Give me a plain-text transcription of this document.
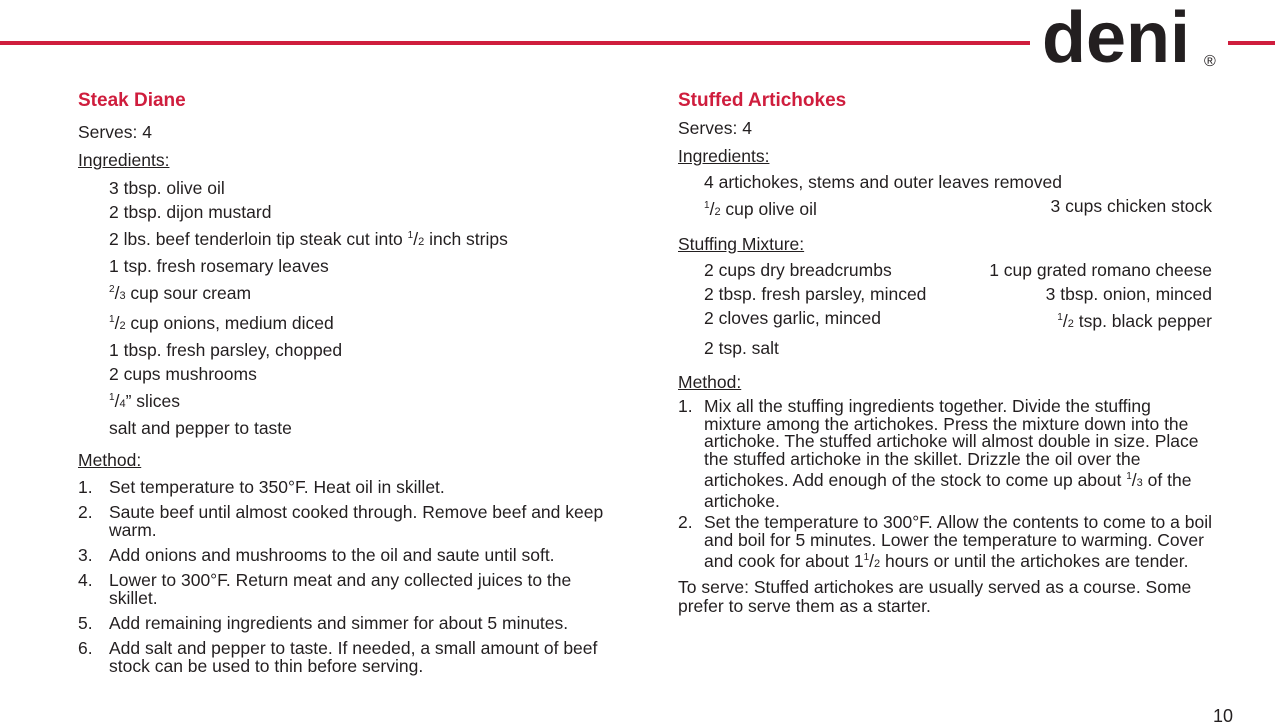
deni ®
Steak Diane
Serves: 4
Ingredients:
3 tbsp. olive oil
2 tbsp. dijon mustard
2 lbs. beef tenderloin tip steak cut into $^1$/2 inch strips
1 tsp. fresh rosemary leaves
$^2$/3 cup sour cream
$^1$/2 cup onions, medium diced
1 tbsp. fresh parsley, chopped
2 cups mushrooms
$^1$/4” slices
salt and pepper to taste
Method:
1. Set temperature to 350°F. Heat oil in skillet.
2. Saute beef until almost cooked through. Remove beef and keep warm.
3. Add onions and mushrooms to the oil and saute until soft.
4. Lower to 300°F. Return meat and any collected juices to the skillet.
5. Add remaining ingredients and simmer for about 5 minutes.
6. Add salt and pepper to taste. If needed, a small amount of beef stock can be used to thin before serving.
Stuffed Artichokes
Serves: 4
Ingredients:
4 artichokes, stems and outer leaves removed
$^1$/2 cup olive oil	3 cups chicken stock
Stuffing Mixture:
2 cups dry breadcrumbs	1 cup grated romano cheese
2 tbsp. fresh parsley, minced	3 tbsp. onion, minced
2 cloves garlic, minced	$^1$/2 tsp. black pepper
2 tsp. salt
Method:
1. Mix all the stuffing ingredients together. Divide the stuffing mixture among the artichokes. Press the mixture down into the artichoke. The stuffed artichoke will almost double in size. Place the stuffed artichoke in the skillet. Drizzle the oil over the artichokes. Add enough of the stock to come up about $^1$/3 of the artichoke.
2. Set the temperature to 300°F. Allow the contents to come to a boil and boil for 5 minutes. Lower the temperature to warming. Cover and cook for about $1^1/2$ hours or until the artichokes are tender.
To serve: Stuffed artichokes are usually served as a course. Some prefer to serve them as a starter.
10
